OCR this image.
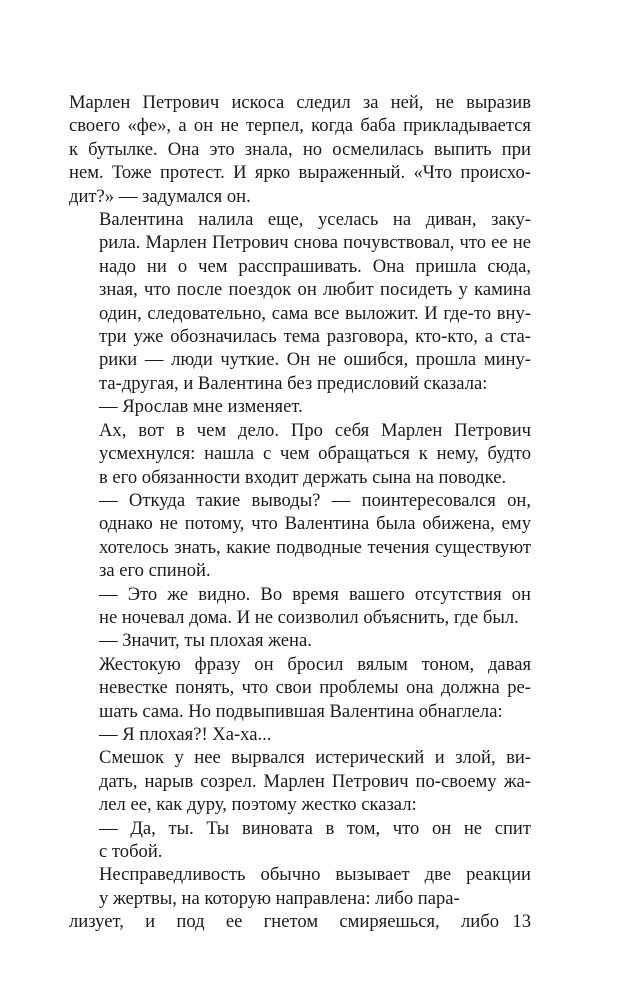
Марлен Петрович искоса следил за ней, не выразив
своего «фе», а он не терпел, когда баба прикладывается
к бутылке. Она это знала, но осмелилась выпить при
нем. Тоже протест. И ярко выраженный. «Что происхо-
дит?» — задумался он.
Валентина налила еще, уселась на диван, заку-
рила. Марлен Петрович снова почувствовал, что ее не
надо ни о чем расспрашивать. Она пришла сюда,
зная, что после поездок он любит посидеть у камина
один, следовательно, сама все выложит. И где-то вну-
три уже обозначилась тема разговора, кто-кто, а ста-
рики — люди чуткие. Он не ошибся, прошла мину-
та-другая, и Валентина без предисловий сказала:
— Ярослав мне изменяет.
Ах, вот в чем дело. Про себя Марлен Петрович
усмехнулся: нашла с чем обращаться к нему, будто
в его обязанности входит держать сына на поводке.
— Откуда такие выводы? — поинтересовался он,
однако не потому, что Валентина была обижена, ему
хотелось знать, какие подводные течения существуют
за его спиной.
— Это же видно. Во время вашего отсутствия он
не ночевал дома. И не соизволил объяснить, где был.
— Значит, ты плохая жена.
Жестокую фразу он бросил вялым тоном, давая
невестке понять, что свои проблемы она должна ре-
шать сама. Но подвыпившая Валентина обнаглела:
— Я плохая?! Ха-ха...
Смешок у нее вырвался истерический и злой, ви-
дать, нарыв созрел. Марлен Петрович по-своему жа-
лел ее, как дуру, поэтому жестко сказал:
— Да, ты. Ты виновата в том, что он не спит
с тобой.
Несправедливость обычно вызывает две реакции
у жертвы, на которую направлена: либо пара-
лизует, и под ее гнетом смиряешься, либо 13
